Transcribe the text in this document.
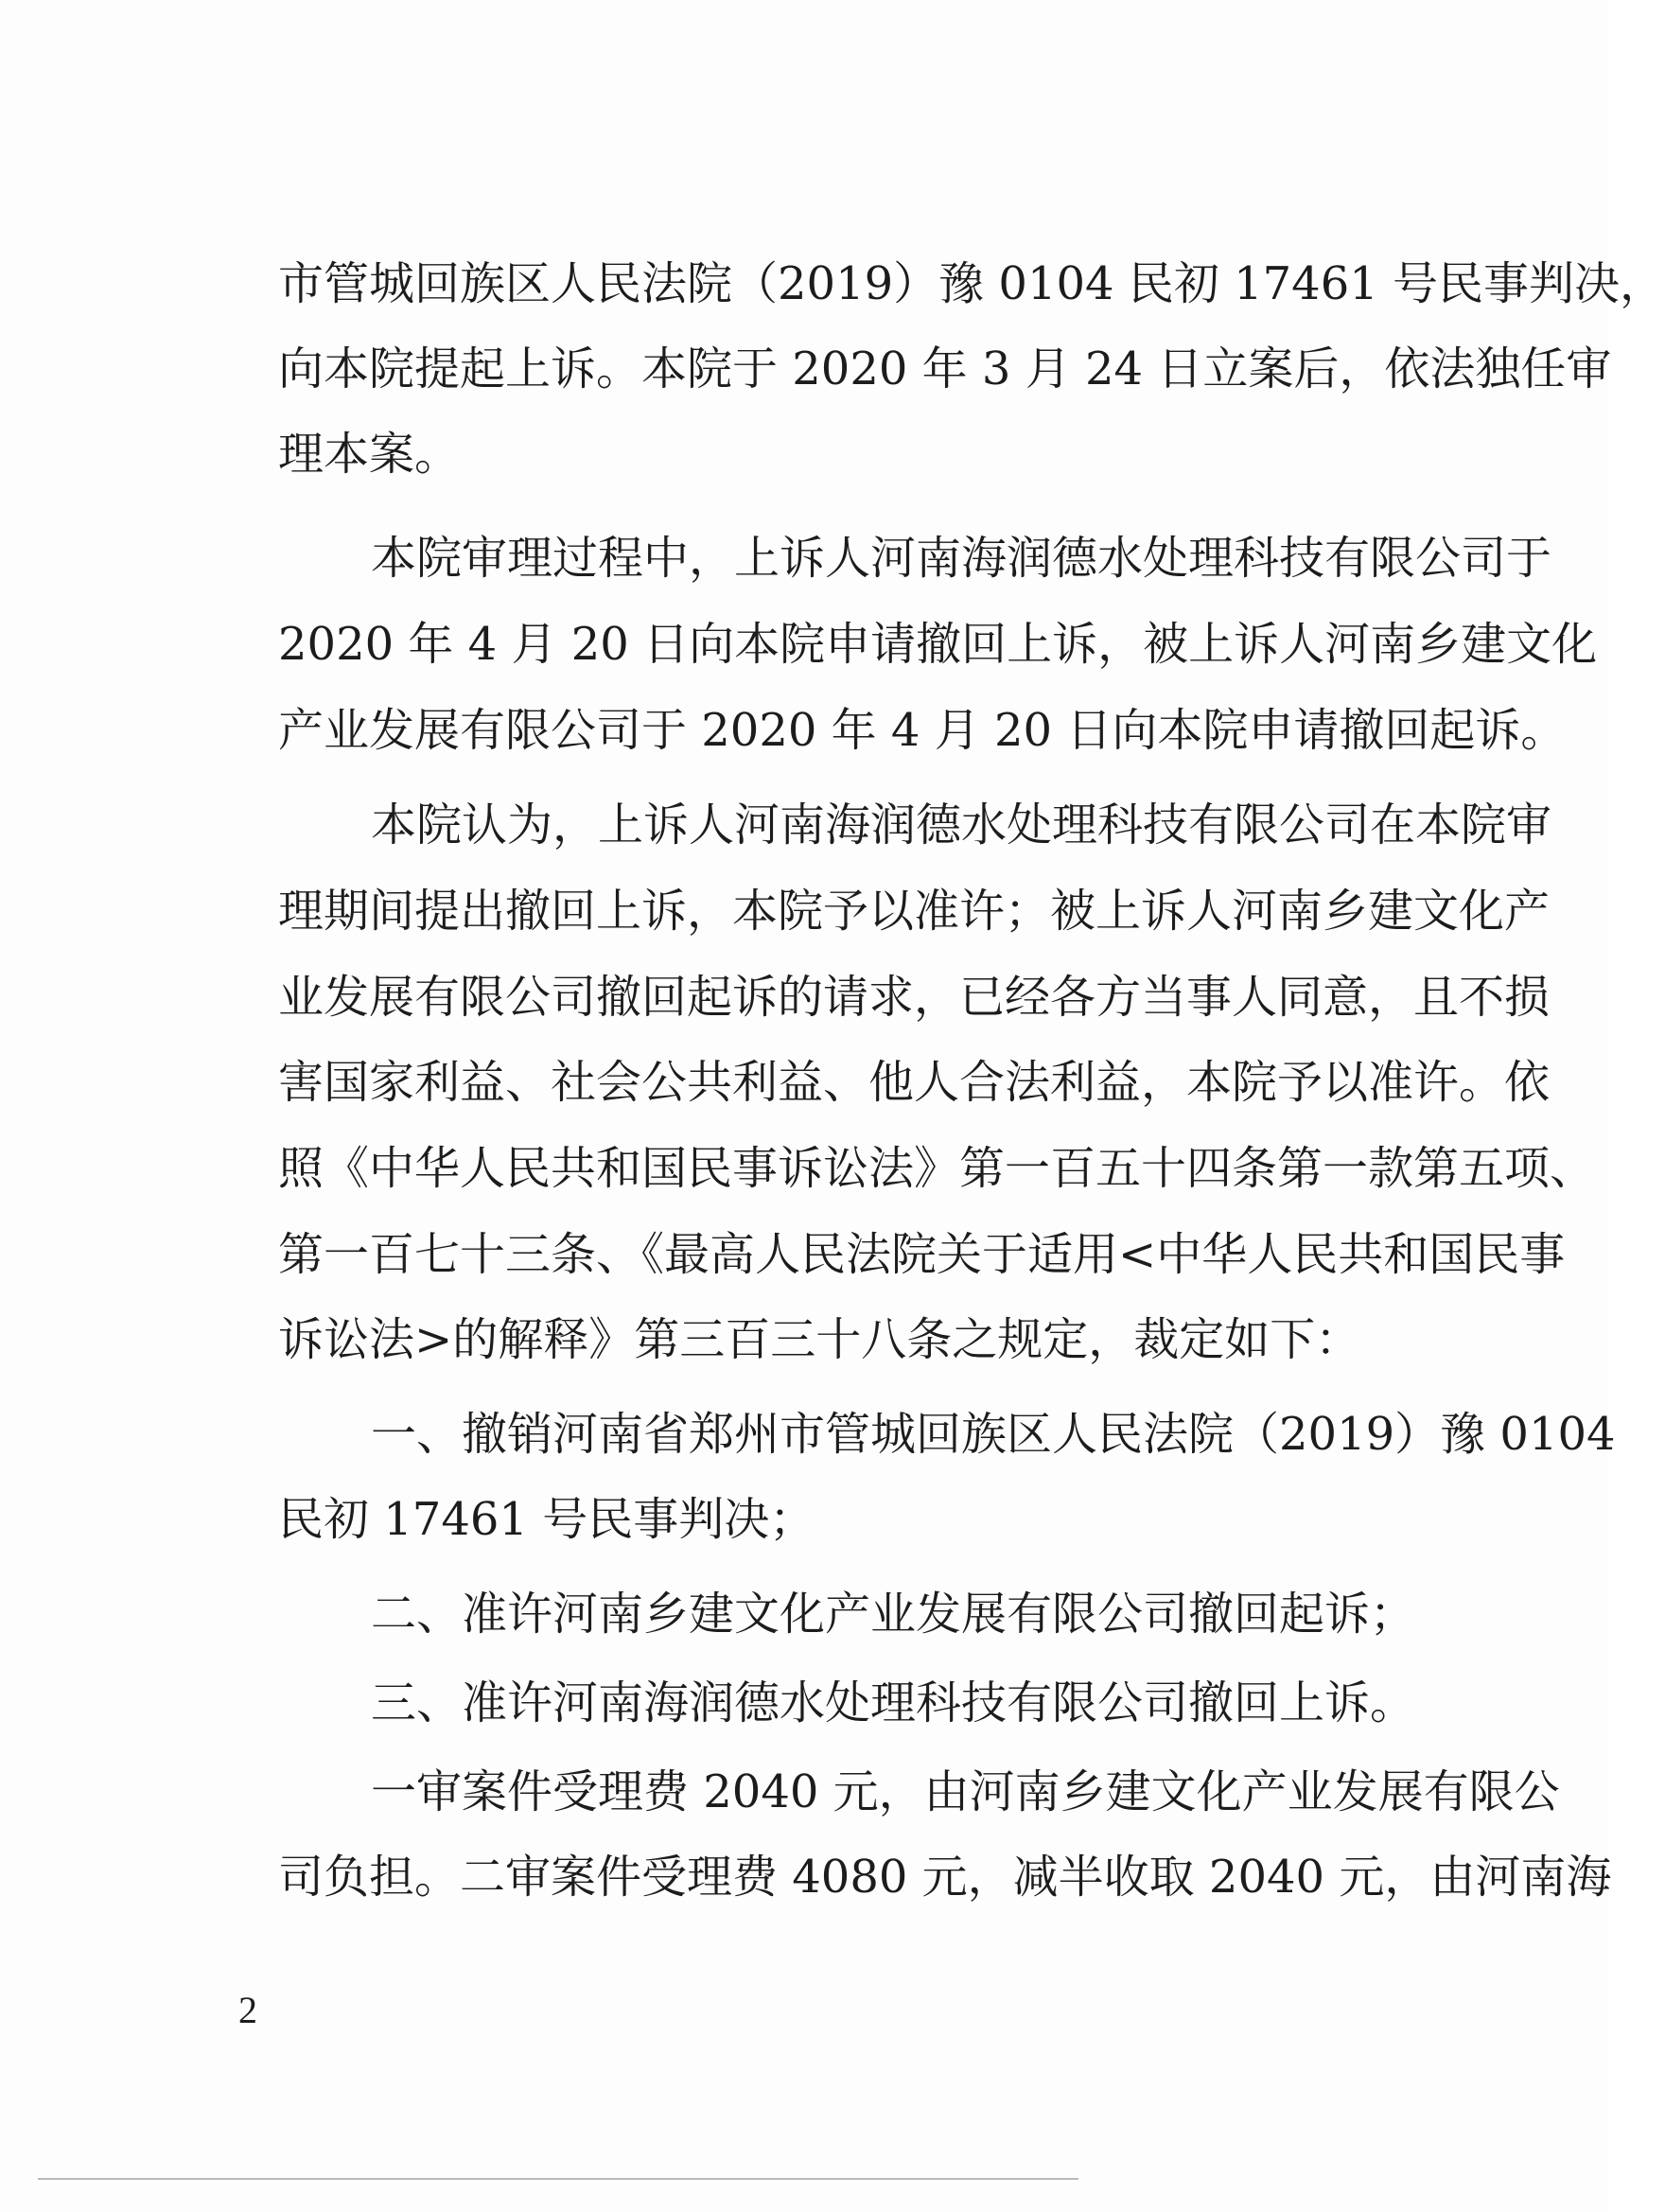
市管城回族区人民法院（2019）豫 0104 民初 17461 号民事判决，
向本院提起上诉。本院于 2020 年 3 月 24 日立案后，依法独任审
理本案。
本院审理过程中，上诉人河南海润德水处理科技有限公司于
2020 年 4 月 20 日向本院申请撤回上诉，被上诉人河南乡建文化
产业发展有限公司于 2020 年 4 月 20 日向本院申请撤回起诉。
本院认为，上诉人河南海润德水处理科技有限公司在本院审
理期间提出撤回上诉，本院予以准许；被上诉人河南乡建文化产
业发展有限公司撤回起诉的请求，已经各方当事人同意，且不损
害国家利益、社会公共利益、他人合法利益，本院予以准许。依
照《中华人民共和国民事诉讼法》第一百五十四条第一款第五项、
第一百七十三条、《最高人民法院关于适用<中华人民共和国民事
诉讼法>的解释》第三百三十八条之规定，裁定如下：
一、撤销河南省郑州市管城回族区人民法院（2019）豫 0104
民初 17461 号民事判决；
二、准许河南乡建文化产业发展有限公司撤回起诉；
三、准许河南海润德水处理科技有限公司撤回上诉。
一审案件受理费 2040 元，由河南乡建文化产业发展有限公
司负担。二审案件受理费 4080 元，减半收取 2040 元，由河南海
2
